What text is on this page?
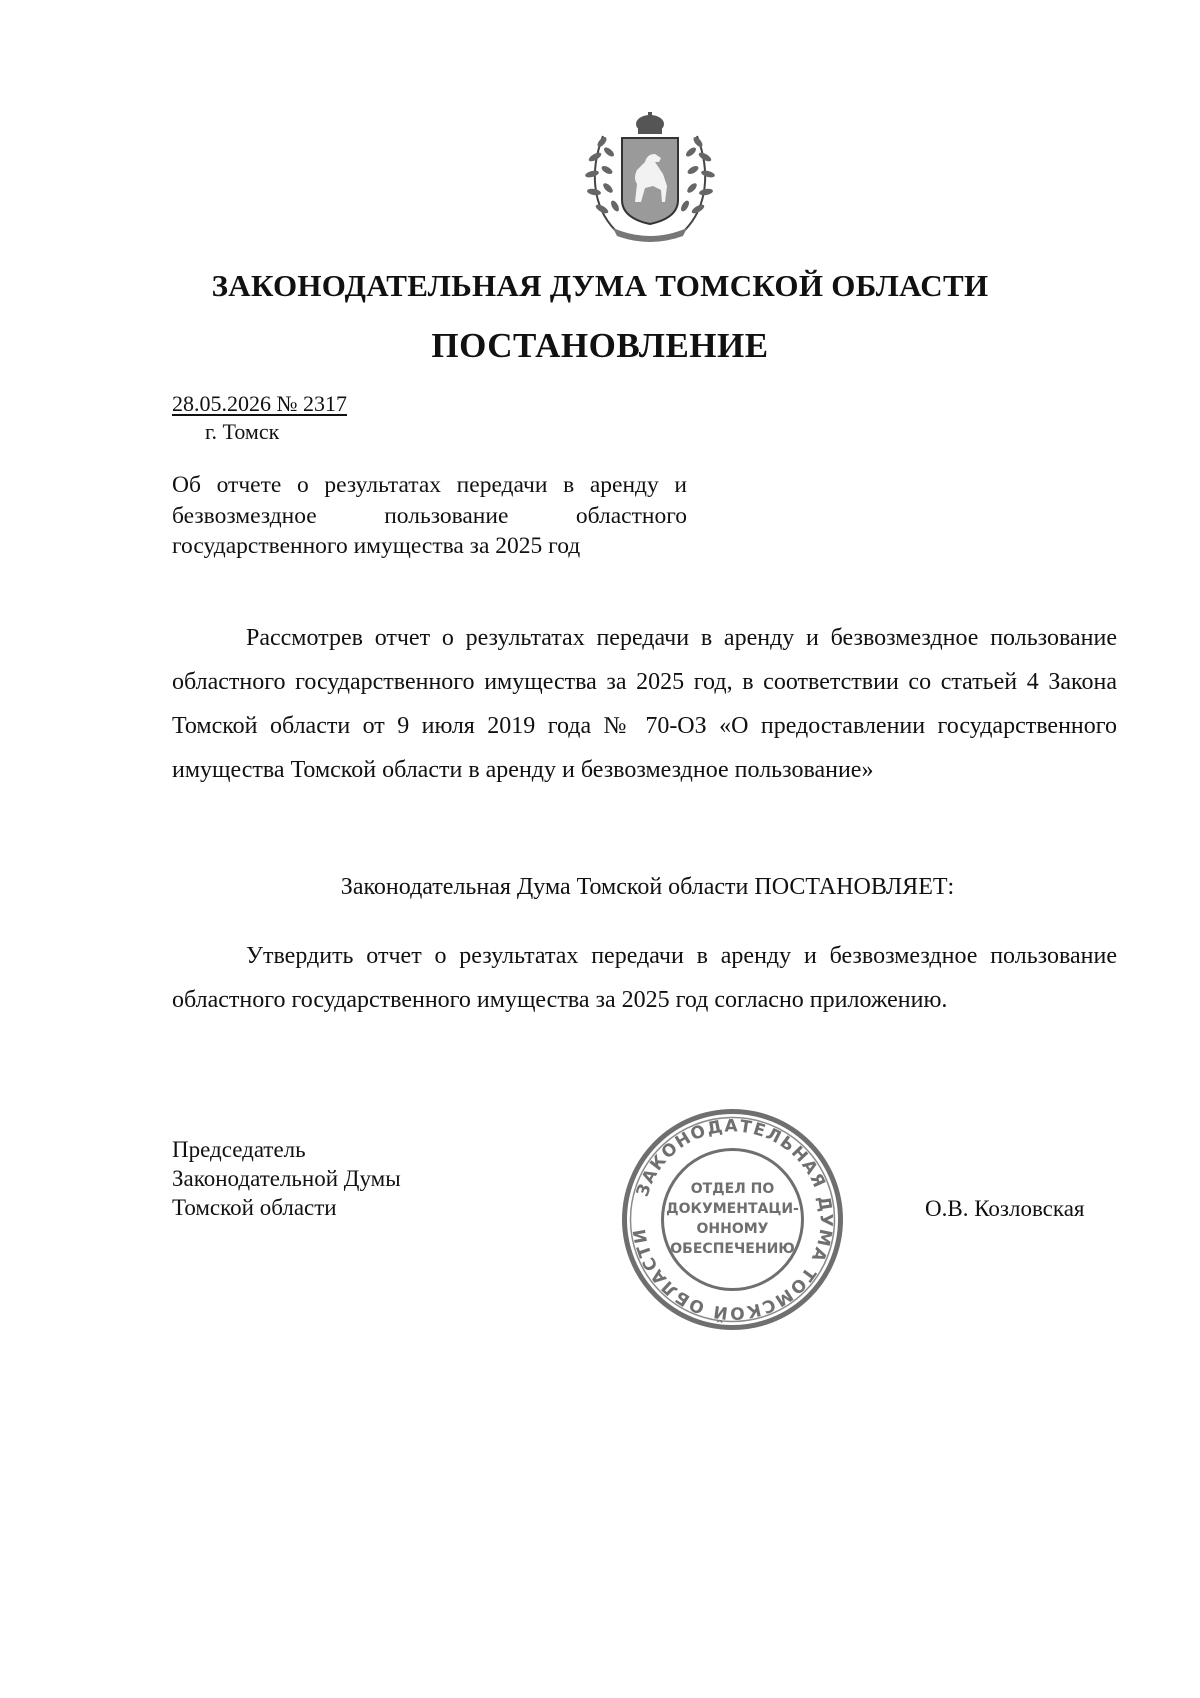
ЗАКОНОДАТЕЛЬНАЯ ДУМА ТОМСКОЙ ОБЛАСТИ
ПОСТАНОВЛЕНИЕ
28.05.2026 № 2317
г. Томск
Об отчете о результатах передачи в аренду и безвозмездное пользование областного государственного имущества за 2025 год
Рассмотрев отчет о результатах передачи в аренду и безвозмездное пользование областного государственного имущества за 2025 год, в соответствии со статьей 4 Закона Томской области от 9 июля 2019 года № 70-ОЗ «О предоставлении государственного имущества Томской области в аренду и безвозмездное пользование»
Законодательная Дума Томской области ПОСТАНОВЛЯЕТ:
Утвердить отчет о результатах передачи в аренду и безвозмездное пользование областного государственного имущества за 2025 год согласно приложению.
Председатель
Законодательной Думы
Томской области
ЗАКОНОДАТЕЛЬНАЯ ДУМА ТОМСКОЙ ОБЛАСТИ
ОТДЕЛ ПО
ДОКУМЕНТАЦИ-
ОННОМУ
ОБЕСПЕЧЕНИЮ
О.В. Козловская
